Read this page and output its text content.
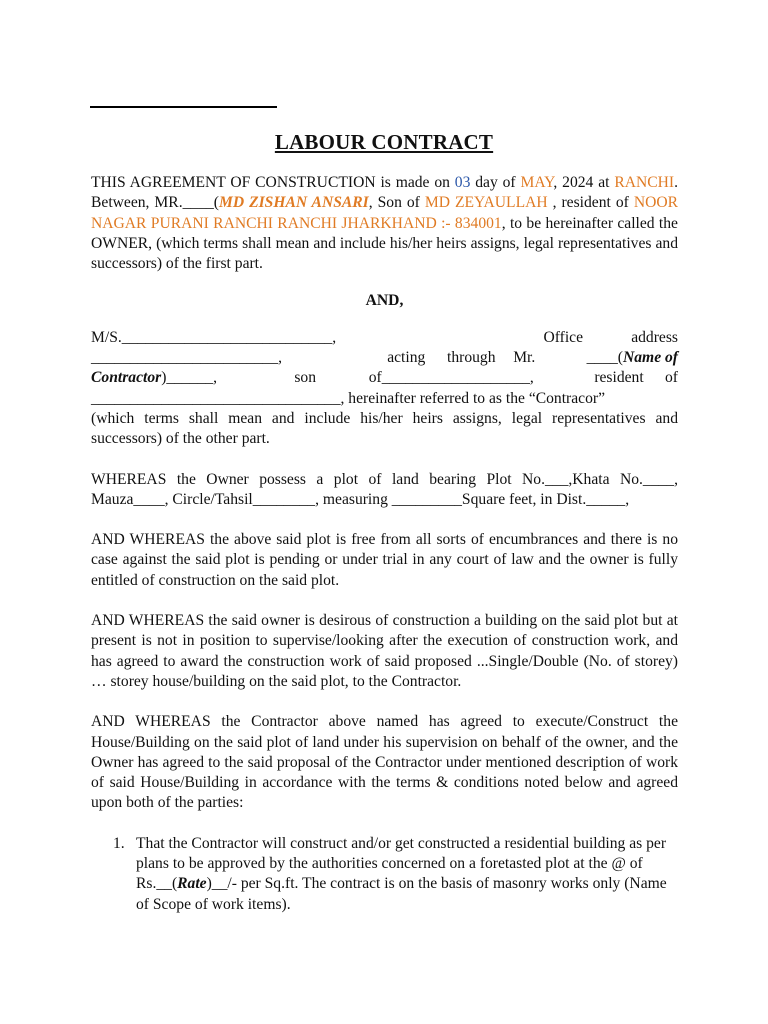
LABOUR CONTRACT

THIS AGREEMENT OF CONSTRUCTION is made on 03 day of MAY, 2024 at RANCHI. Between, MR.____(MD ZISHAN ANSARI, Son of MD ZEYAULLAH , resident of NOOR NAGAR PURANI RANCHI RANCHI JHARKHAND :- 834001, to be hereinafter called the OWNER, (which terms shall mean and include his/her heirs assigns, legal representatives and successors) of the first part.

AND,

M/S.___________________________,	Office	address
________________________,	acting	through	Mr.	____(Name of
Contractor)______,	son	of___________________,	resident	of

________________________________, hereinafter referred to as the “Contracor”

(which terms shall mean and include his/her heirs assigns, legal representatives and successors) of the other part.

WHEREAS the Owner possess a plot of land bearing Plot No.___,Khata No.____, Mauza____, Circle/Tahsil________, measuring _________Square feet, in Dist._____,

AND WHEREAS the above said plot is free from all sorts of encumbrances and there is no case against the said plot is pending or under trial in any court of law and the owner is fully entitled of construction on the said plot.

AND WHEREAS the said owner is desirous of construction a building on the said plot but at present is not in position to supervise/looking after the execution of construction work, and has agreed to award the construction work of said proposed ...Single/Double (No. of storey) … storey house/building on the said plot, to the Contractor.

AND WHEREAS the Contractor above named has agreed to execute/Construct the House/Building on the said plot of land under his supervision on behalf of the owner, and the Owner has agreed to the said proposal of the Contractor under mentioned description of work of said House/Building in accordance with the terms & conditions noted below and agreed upon both of the parties:

1. That the Contractor will construct and/or get constructed a residential building as per plans to be approved by the authorities concerned on a foretasted plot at the @ of Rs.__(Rate)__/- per Sq.ft. The contract is on the basis of masonry works only (Name of Scope of work items).
